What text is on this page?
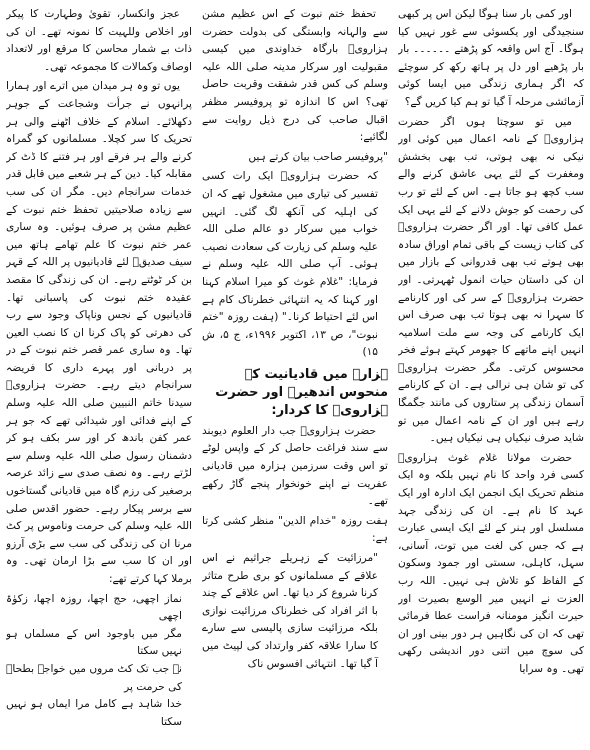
عجز وانکسار، تقویٰ وطہارت کا پیکر اور اخلاص وللہیت کا نمونہ تھے۔ ان کی ذات بے شمار محاسن کا مرقع اور لاتعداد اوصاف وکمالات کا مجموعہ تھی۔

یوں تو وہ ہر میدان میں اترے اور ہمارا پرانہوں نے جرأت وشجاعت کے جوہر دکھلائے۔ اسلام کے خلاف اٹھنے والی ہر تحریک کا سر کچلا۔ مسلمانوں کو گمراہ کرنے والے ہر فرقے اور ہر فتنے کا ڈٹ کر مقابلہ کیا۔ دین کے ہر شعبے میں قابل قدر خدمات سرانجام دیں۔ مگر ان کی سب سے زیادہ صلاحیتیں تحفظ ختم نبوت کے عظیم مشن پر صرف ہوئیں۔ وہ ساری عمر ختم نبوت کا علم تھامے ہاتھ میں سیف صدیقؓ لئے قادیانیوں پر اللہ کے قہر بن کر ٹوٹتے رہے۔ ان کی زندگی کا مقصد عقیدہ ختم نبوت کی پاسبانی تھا۔ قادیانیوں کے نجس وناپاک وجود سے رب کی دھرتی کو پاک کرنا ان کا نصب العین تھا۔ وہ ساری عمر قصر ختم نبوت کے در پر دربانی اور پہرے داری کا فریضہ سرانجام دیتے رہے۔ حضرت ہزارویؒ سیدنا خاتم النبیین صلی اللہ علیہ وسلم کے اپنے فدائی اور شیدائی تھے کہ جو ہر عمر کفن باندھ کر اور سر بکف ہو کر دشمنان رسول صلی اللہ علیہ وسلم سے لڑتے رہے۔ وہ نصف صدی سے زائد عرصہ برصغیر کی رزم گاہ میں قادیانی گستاخوں سے برسر پیکار رہے۔ حضور اقدس صلی اللہ علیہ وسلم کی حرمت وناموس پر کٹ مرنا ان کی زندگی کی سب سے بڑی آرزو اور ان کا سب سے بڑا ارمان تھی۔ وہ برملا کہا کرتے تھے:

نماز اچھی، حج اچھا، روزہ اچھا، زکوٰۃ اچھی
مگر میں باوجود اس کے مسلماں ہو نہیں سکتا
نہ جب تک کٹ مروں میں خواجہ بطحاؐ کی حرمت پر
خدا شاہد ہے کامل مرا ایماں ہو نہیں سکتا

تحفظ ختم نبوت کے اس عظیم مشن سے والہانہ وابستگی کی بدولت حضرت ہزارویؒ بارگاہ خداوندی میں کیسی مقبولیت اور سرکار مدینہ صلی اللہ علیہ وسلم کی کس قدر شفقت وقربت حاصل تھی؟ اس کا اندازہ تو پروفیسر مظفر اقبال صاحب کی درج ذیل روایت سے لگائیے:

"پروفیسر صاحب بیان کرتے ہیں

کہ حضرت ہزارویؒ ایک رات کسی تفسیر کی تیاری میں مشغول تھے کہ ان کی اہلیہ کی آنکھ لگ گئی۔ انہیں خواب میں سرکار دو عالم صلی اللہ علیہ وسلم کی زیارت کی سعادت نصیب ہوئی۔ آپ صلی اللہ علیہ وسلم نے فرمایا: "غلام غوث کو میرا اسلام کہنا اور کہنا کہ یہ انتہائی خطرناک کام ہے اس لئے احتیاط کرنا۔" (ہفت روزہ "ختم نبوت"، ص ۱۳، اکتوبر ۱۹۹۶ء، ج ۵، ش ۱۵)

ہزارہ میں قادیانیت کے منحوس اندھیرے اور حضرت ہزارویؒ کا کردار:

حضرت ہزارویؒ جب دار العلوم دیوبند سے سند فراغت حاصل کر کے واپس لوٹے تو اس وقت سرزمین ہزارہ میں قادیانی عفریت نے اپنے خونخوار پنجے گاڑ رکھے تھے۔

ہفت روزہ "خدام الدین" منظر کشی کرتا ہے:

"مرزائیت کے زہریلے جراثیم نے اس علاقے کے مسلمانوں کو بری طرح متاثر کرنا شروع کر دیا تھا۔ اس علاقے کے چند با اثر افراد کی خطرناک مرزائیت نوازی بلکہ مرزائیت سازی پالیسی سے سارے کا سارا علاقہ کفر وارتداد کی لپیٹ میں آ گیا تھا۔ انتہائی افسوس ناک

اور کمی بار سنا ہوگا لیکن اس پر کبھی سنجیدگی اور یکسوئی سے غور نہیں کیا ہوگا۔ آج اس واقعہ کو پڑھتے ۔۔۔۔۔۔ بار بار پڑھیے اور دل پر ہاتھ رکھ کر سوچئے کہ اگر ہماری زندگی میں ایسا کوئی آزمائشی مرحلہ آ گیا تو ہم کیا کریں گے؟

میں تو سوچتا ہوں اگر حضرت ہزارویؒ کے نامہ اعمال میں کوئی اور نیکی نہ بھی ہوتی، تب بھی بخشش ومغفرت کے لئے یہی عاشق کرنے والے سب کچھ ہو جاتا ہے۔ اس کے لئے تو رب کی رحمت کو جوش دلانے کے لئے یہی ایک عمل کافی تھا۔ اور اگر حضرت ہزارویؒ کی کتاب زیست کے باقی تمام اوراق سادہ بھی ہوتے تب بھی قدروانی کے بازار میں ان کی داستان حیات انمول ٹھہرتی۔ اور حضرت ہزارویؒ کے سر کی اور کارنامے کا سہرا نہ بھی ہوتا تب بھی صرف اس ایک کارنامے کی وجہ سے ملت اسلامیہ انہیں اپنے ماتھے کا جھومر کہتے ہوئے فخر محسوس کرتی۔ مگر حضرت ہزارویؒ کی تو شان ہی نرالی ہے۔ ان کے کارنامے آسمان زندگی پر ستاروں کی مانند جگمگا رہے ہیں اور ان کے نامہ اعمال میں تو شاید صرف نیکیاں ہی نیکیاں ہیں۔

حضرت مولانا غلام غوث ہزارویؒ کسی فرد واحد کا نام نہیں بلکہ وہ ایک منظم تحریک ایک انجمن ایک ادارہ اور ایک عہد کا نام ہے۔ ان کی زندگی جہد مسلسل اور ہنر کے لئے ایک ایسی عبارت ہے کہ جس کی لغت میں توت، آسانی، سہل، کاہلی، سستی اور جمود وسکون کے الفاظ کو تلاش ہی نہیں۔ اللہ رب العزت نے انہیں میر الوسع بصیرت اور حیرت انگیز مومنانہ فراست عطا فرمائی تھی کہ ان کی نگاہیں ہر دور بینی اور ان کی سوچ میں اتنی دور اندیشی رکھی تھی۔ وہ سرایا
